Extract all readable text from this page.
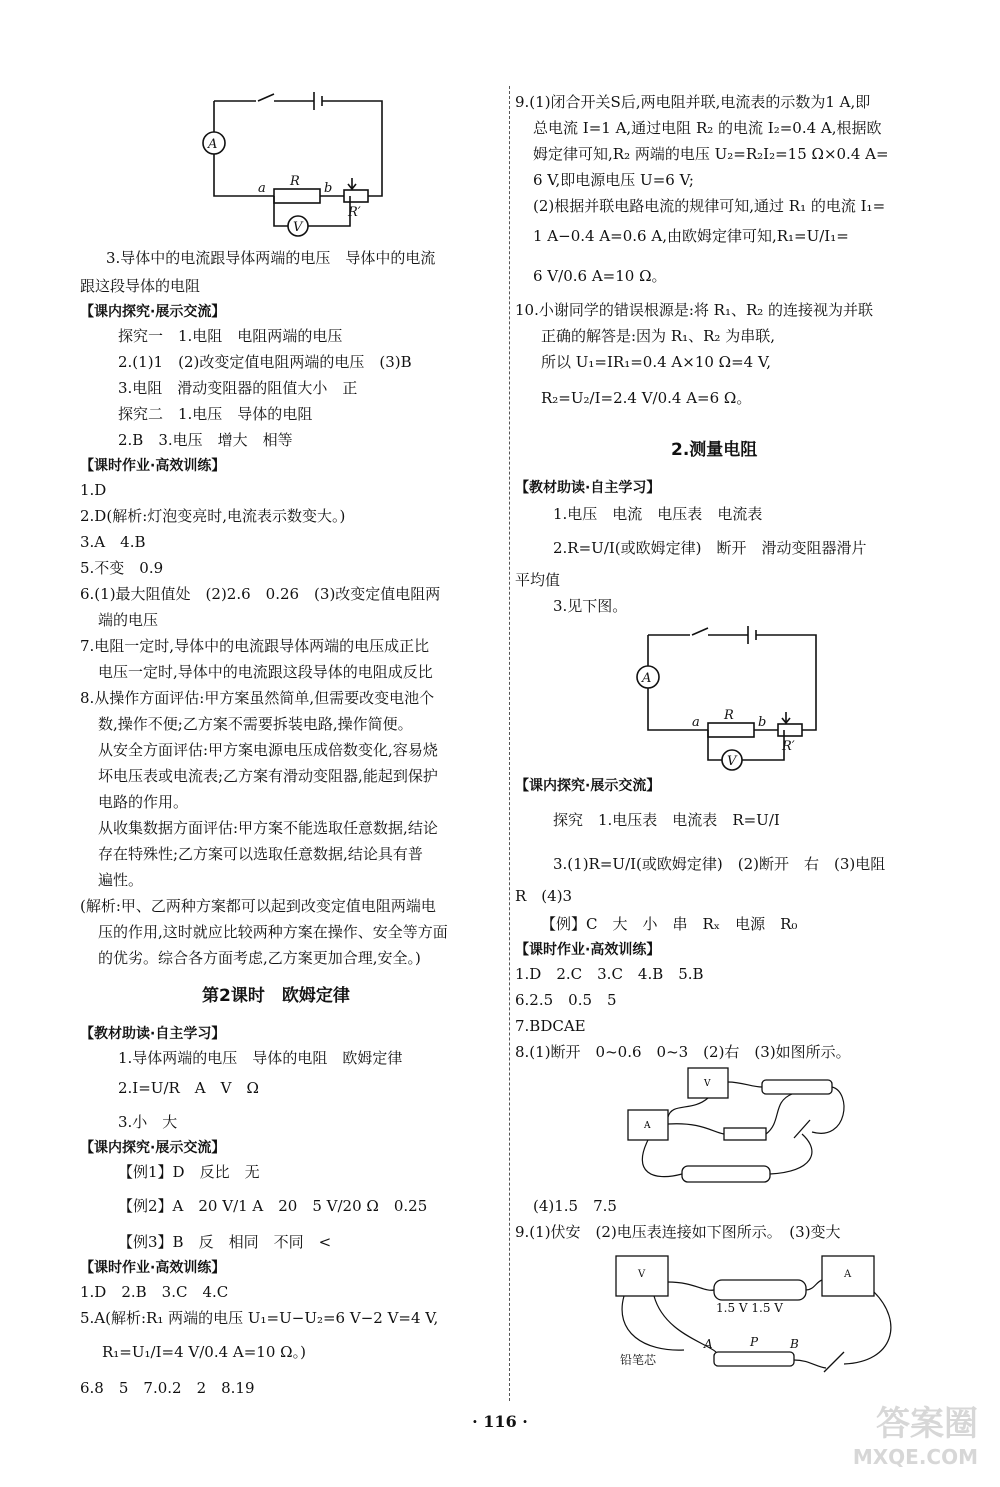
3.导体中的电流跟导体两端的电压　导体中的电流
跟这段导体的电阻
【课内探究·展示交流】
探究一　1.电阻　电阻两端的电压
2.(1)1　(2)改变定值电阻两端的电压　(3)B
3.电阻　滑动变阻器的阻值大小　正
探究二　1.电压　导体的电阻
2.B　3.电压　增大　相等
【课时作业·高效训练】
1.D
2.D(解析:灯泡变亮时,电流表示数变大。)
3.A　4.B
5.不变　0.9
6.(1)最大阻值处　(2)2.6　0.26　(3)改变定值电阻两
端的电压
7.电阻一定时,导体中的电流跟导体两端的电压成正比
电压一定时,导体中的电流跟这段导体的电阻成反比
8.从操作方面评估:甲方案虽然简单,但需要改变电池个
数,操作不便;乙方案不需要拆装电路,操作简便。
从安全方面评估:甲方案电源电压成倍数变化,容易烧
坏电压表或电流表;乙方案有滑动变阻器,能起到保护
电路的作用。
从收集数据方面评估:甲方案不能选取任意数据,结论
存在特殊性;乙方案可以选取任意数据,结论具有普
遍性。
(解析:甲、乙两种方案都可以起到改变定值电阻两端电
压的作用,这时就应比较两种方案在操作、安全等方面
的优劣。综合各方面考虑,乙方案更加合理,安全。)
第2课时　欧姆定律
【教材助读·自主学习】
1.导体两端的电压　导体的电阻　欧姆定律
2.I=U/R　A　V　Ω
3.小　大
【课内探究·展示交流】
【例1】D　反比　无
【例2】A　20 V/1 A　20　5 V/20 Ω　0.25
【例3】B　反　相同　不同　<
【课时作业·高效训练】
1.D　2.B　3.C　4.C
5.A(解析:R₁ 两端的电压 U₁=U−U₂=6 V−2 V=4 V,
R₁=U₁/I=4 V/0.4 A=10 Ω。)
6.8　5　7.0.2　2　8.19
9.(1)闭合开关S后,两电阻并联,电流表的示数为1 A,即
总电流 I=1 A,通过电阻 R₂ 的电流 I₂=0.4 A,根据欧
姆定律可知,R₂ 两端的电压 U₂=R₂I₂=15 Ω×0.4 A=
6 V,即电源电压 U=6 V;
(2)根据并联电路电流的规律可知,通过 R₁ 的电流 I₁=
1 A−0.4 A=0.6 A,由欧姆定律可知,R₁=U/I₁=
6 V/0.6 A=10 Ω。
10.小谢同学的错误根源是:将 R₁、R₂ 的连接视为并联
正确的解答是:因为 R₁、R₂ 为串联,
所以 U₁=IR₁=0.4 A×10 Ω=4 V,
R₂=U₂/I=2.4 V/0.4 A=6 Ω。
2.测量电阻
【教材助读·自主学习】
1.电压　电流　电压表　电流表
2.R=U/I(或欧姆定律)　断开　滑动变阻器滑片
平均值
3.见下图。
【课内探究·展示交流】
探究　1.电压表　电流表　R=U/I
3.(1)R=U/I(或欧姆定律)　(2)断开　右　(3)电阻
R　(4)3
【例】C　大　小　串　Rₓ　电源　R₀
【课时作业·高效训练】
1.D　2.C　3.C　4.B　5.B
6.2.5　0.5　5
7.BDCAE
8.(1)断开　0~0.6　0~3　(2)右　(3)如图所示。
(4)1.5　7.5
9.(1)伏安　(2)电压表连接如下图所示。　(3)变大
A
V
a	b
R
R′
A
V
a	b
R
R′
V
A
V	A
1.5 V 1.5 V
铅笔芯
A	P	B
· 116 ·	答案圈
MXQE.COM
